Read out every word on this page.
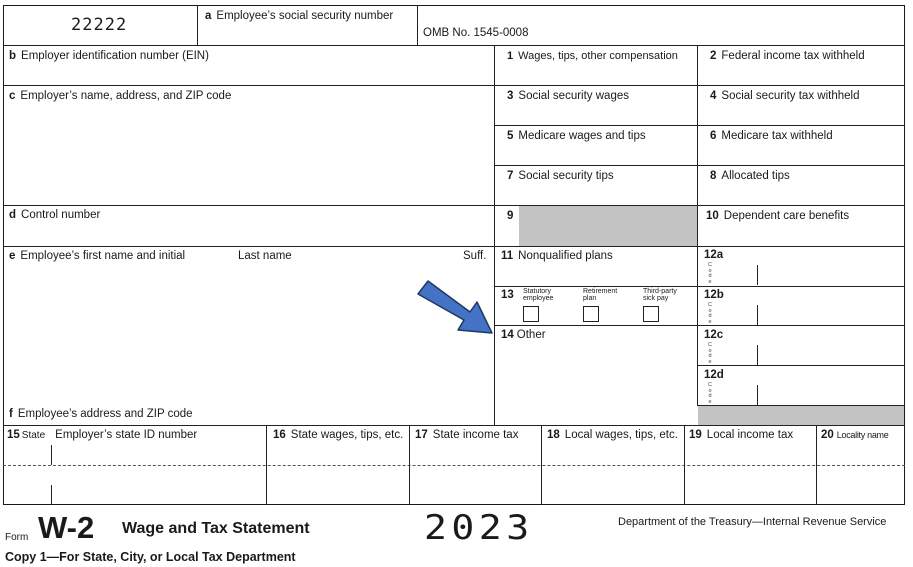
22222	a Employee’s social security number
OMB No. 1545-0008
b Employer identification number (EIN)
c Employer’s name, address, and ZIP code
d Control number
e Employee’s first name and initial	Last name	Suff.
f Employee’s address and ZIP code
1 Wages, tips, other compensation	2 Federal income tax withheld
3 Social security wages	4 Social security tax withheld
5 Medicare wages and tips	6 Medicare tax withheld
7 Social security tips	8 Allocated tips
9	10 Dependent care benefits
11 Nonqualified plans	12a
C
o
d
e
12b
C
o
d
e
12c
C
o
d
e
12d
C
o
d
e
13 Statutory employee
Retirement plan
Third-party sick pay
14 Other
15 State Employer’s state ID number	16 State wages, tips, etc. 17 State income tax 18 Local wages, tips, etc. 19 Local income tax 20 Locality name
Form W-2 Wage and Tax Statement	2023	Department of the Treasury—Internal Revenue Service
Copy 1—For State, City, or Local Tax Department
